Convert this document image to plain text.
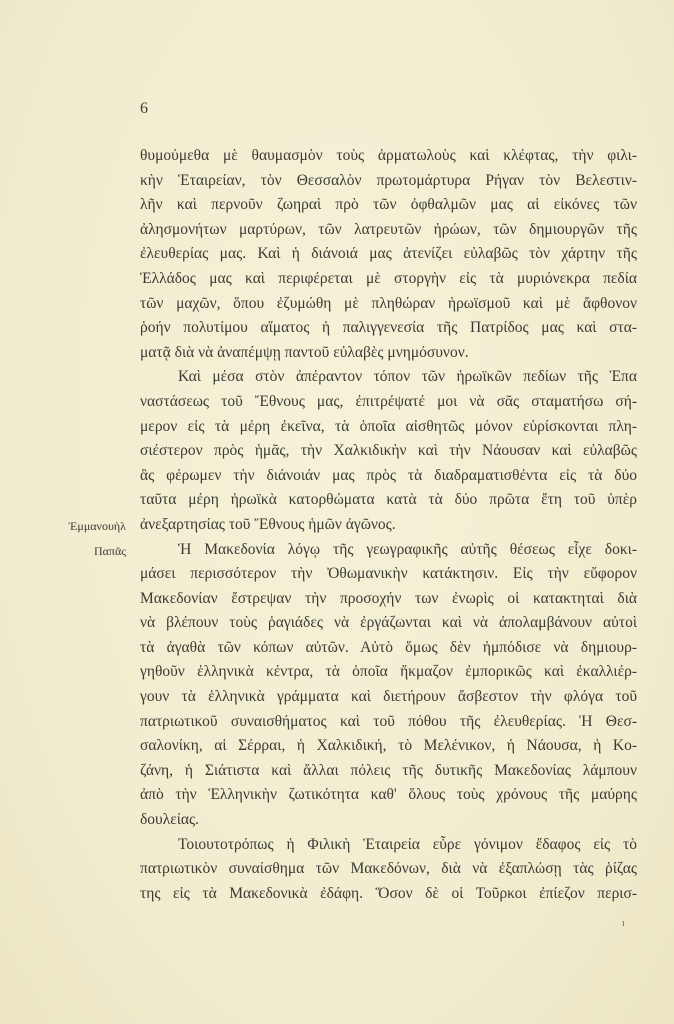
6
Ἐμμανουὴλ
Παπᾶς
θυμούμεθα μὲ θαυμασμὸν τοὺς ἁρματωλοὺς καὶ κλέφτας, τὴν φιλι-
κὴν Ἑταιρείαν, τὸν Θεσσαλὸν πρωτομάρτυρα Ρήγαν τὸν Βελεστιν-
λῆν καὶ περνοῦν ζωηραὶ πρὸ τῶν ὀφθαλμῶν μας αἱ εἰκόνες τῶν
ἀλησμονήτων μαρτύρων, τῶν λατρευτῶν ἡρώων, τῶν δημιουργῶν τῆς
ἐλευθερίας μας. Καὶ ἡ διάνοιά μας ἀτενίζει εὐλαβῶς τὸν χάρτην τῆς
Ἑλλάδος μας καὶ περιφέρεται μὲ στοργὴν εἰς τὰ μυριόνεκρα πεδία
τῶν μαχῶν, ὅπου ἐζυμώθη μὲ πληθώραν ἡρωϊσμοῦ καὶ μὲ ἄφθονον
ῥοήν πολυτίμου αἵματος ἡ παλιγγενεσία τῆς Πατρίδος μας καὶ στα-
ματᾷ διὰ νὰ ἀναπέμψῃ παντοῦ εὐλαβὲς μνημόσυνον.
Καὶ μέσα στὸν ἀπέραντον τόπον τῶν ἡρωϊκῶν πεδίων τῆς Ἐπα
ναστάσεως τοῦ Ἔθνους μας, ἐπιτρέψατέ μοι νὰ σᾶς σταματήσω σή-
μερον εἰς τὰ μέρη ἐκεῖνα, τὰ ὁποῖα αἰσθητῶς μόνον εὑρίσκονται πλη-
σιέστερον πρὸς ἡμᾶς, τὴν Χαλκιδικὴν καὶ τὴν Νάουσαν καὶ εὐλαβῶς
ἂς φέρωμεν τὴν διάνοιάν μας πρὸς τὰ διαδραματισθέντα εἰς τὰ δύο
ταῦτα μέρη ἡρωϊκὰ κατορθώματα κατὰ τὰ δύο πρῶτα ἔτη τοῦ ὑπὲρ
ἀνεξαρτησίας τοῦ Ἔθνους ἡμῶν ἀγῶνος.
Ἡ Μακεδονία λόγῳ τῆς γεωγραφικῆς αὐτῆς θέσεως εἶχε δοκι-
μάσει περισσότερον τὴν Ὀθωμανικὴν κατάκτησιν. Εἰς τὴν εὔφορον
Μακεδονίαν ἔστρεψαν τὴν προσοχήν των ἐνωρὶς οἱ κατακτηταὶ διὰ
νὰ βλέπουν τοὺς ῥαγιάδες νὰ ἐργάζωνται καὶ νὰ ἀπολαμβάνουν αὐτοὶ
τὰ ἀγαθὰ τῶν κόπων αὐτῶν. Αὐτὸ ὅμως δὲν ἠμπόδισε νὰ δημιουρ-
γηθοῦν ἑλληνικὰ κέντρα, τὰ ὁποῖα ἤκμαζον ἐμπορικῶς καὶ ἐκαλλιέρ-
γουν τὰ ἑλληνικὰ γράμματα καὶ διετήρουν ἄσβεστον τὴν φλόγα τοῦ
πατριωτικοῦ συναισθήματος καὶ τοῦ πόθου τῆς ἐλευθερίας. Ἡ Θεσ-
σαλονίκη, αἱ Σέρραι, ἡ Χαλκιδική, τὸ Μελένικον, ἡ Νάουσα, ἡ Κο-
ζάνη, ἡ Σιάτιστα καὶ ἄλλαι πόλεις τῆς δυτικῆς Μακεδονίας λάμπουν
ἀπὸ τὴν Ἑλληνικὴν ζωτικότητα καθ' ὅλους τοὺς χρόνους τῆς μαύρης
δουλείας.
Τοιουτοτρόπως ἡ Φιλικὴ Ἑταιρεία εὗρε γόνιμον ἔδαφος εἰς τὸ
πατριωτικὸν συναίσθημα τῶν Μακεδόνων, διὰ νὰ ἐξαπλώσῃ τὰς ῥίζας
της εἰς τὰ Μακεδονικὰ ἐδάφη. Ὅσον δὲ οἱ Τοῦρκοι ἐπίεζον περισ-
ı
